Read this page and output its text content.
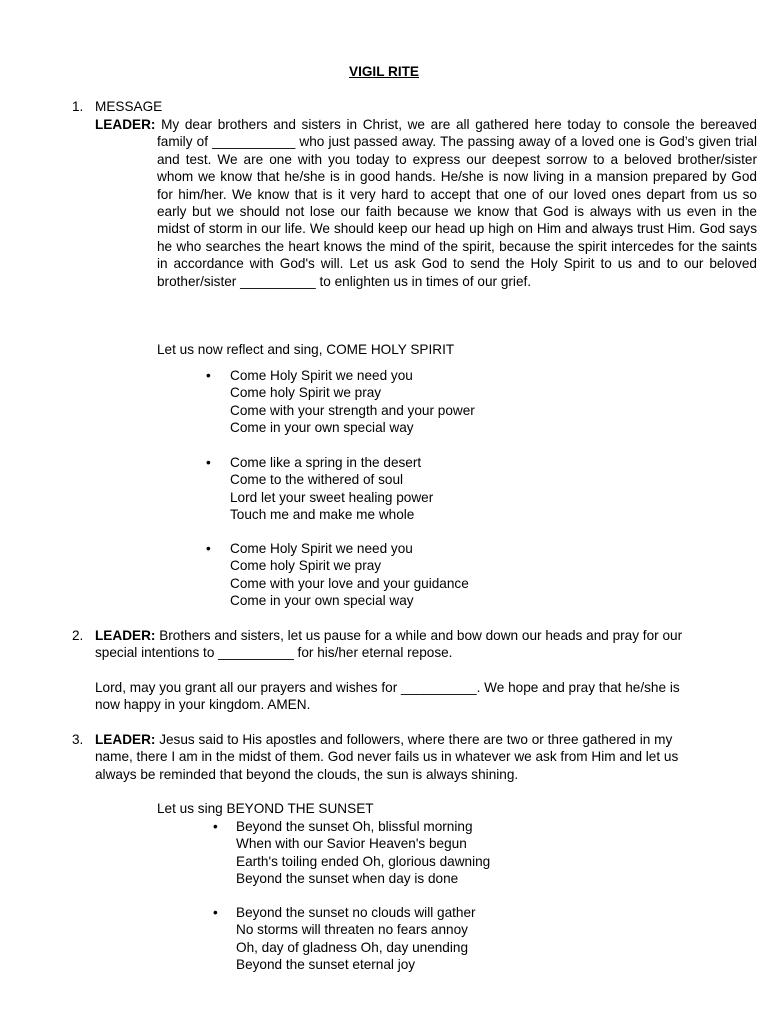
VIGIL RITE
1. MESSAGE

LEADER: My dear brothers and sisters in Christ, we are all gathered here today to console the bereaved family of ___________ who just passed away. The passing away of a loved one is God’s given trial and test. We are one with you today to express our deepest sorrow to a beloved brother/sister whom we know that he/she is in good hands. He/she is now living in a mansion prepared by God for him/her. We know that is it very hard to accept that one of our loved ones depart from us so early but we should not lose our faith because we know that God is always with us even in the midst of storm in our life. We should keep our head up high on Him and always trust Him. God says he who searches the heart knows the mind of the spirit, because the spirit intercedes for the saints in accordance with God's will. Let us ask God to send the Holy Spirit to us and to our beloved brother/sister __________ to enlighten us in times of our grief.

Let us now reflect and sing, COME HOLY SPIRIT
• Come Holy Spirit we need you
Come holy Spirit we pray
Come with your strength and your power
Come in your own special way
• Come like a spring in the desert
Come to the withered of soul
Lord let your sweet healing power
Touch me and make me whole
• Come Holy Spirit we need you
Come holy Spirit we pray
Come with your love and your guidance
Come in your own special way
2. LEADER: Brothers and sisters, let us pause for a while and bow down our heads and pray for our special intentions to __________ for his/her eternal repose.

Lord, may you grant all our prayers and wishes for __________. We hope and pray that he/she is now happy in your kingdom. AMEN.

3. LEADER: Jesus said to His apostles and followers, where there are two or three gathered in my name, there I am in the midst of them. God never fails us in whatever we ask from Him and let us always be reminded that beyond the clouds, the sun is always shining.

Let us sing BEYOND THE SUNSET
• Beyond the sunset Oh, blissful morning
When with our Savior Heaven's begun
Earth's toiling ended Oh, glorious dawning
Beyond the sunset when day is done
• Beyond the sunset no clouds will gather
No storms will threaten no fears annoy
Oh, day of gladness Oh, day unending
Beyond the sunset eternal joy
